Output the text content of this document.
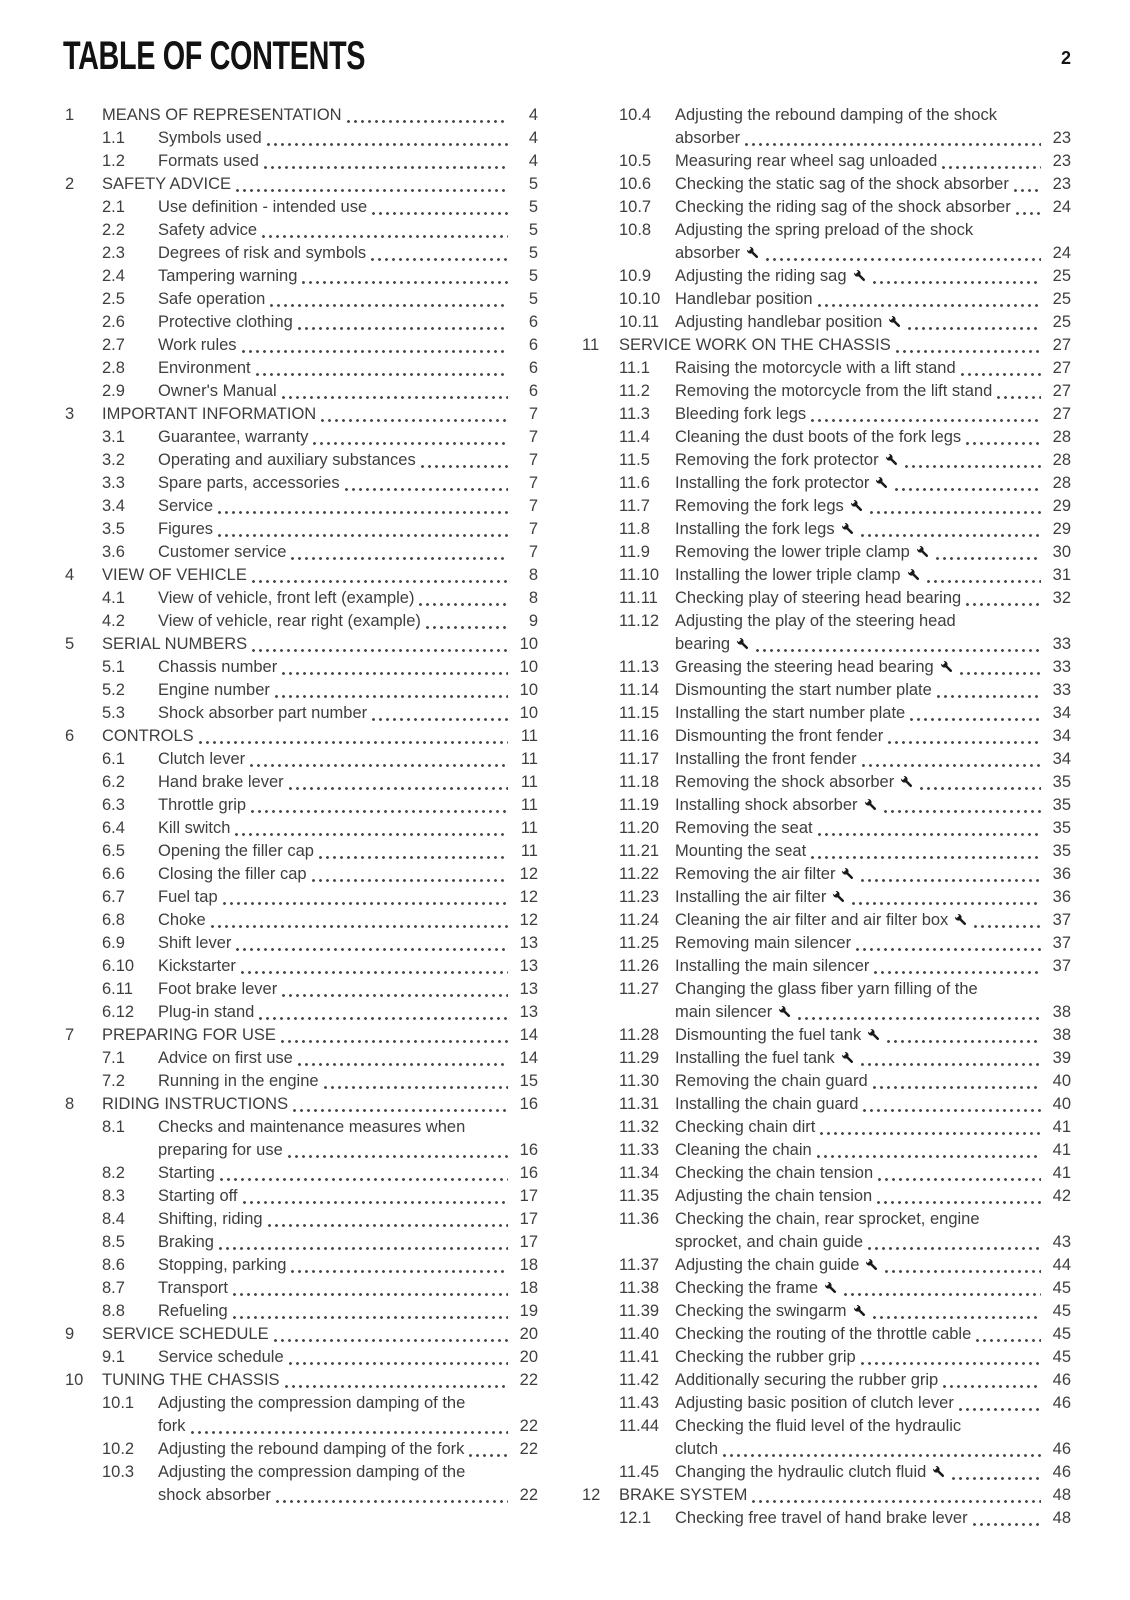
TABLE OF CONTENTS	2
1	MEANS OF REPRESENTATION	4
1.1	Symbols used	4
1.2	Formats used	4
2	SAFETY ADVICE	5
2.1	Use definition - intended use	5
2.2	Safety advice	5
2.3	Degrees of risk and symbols	5
2.4	Tampering warning	5
2.5	Safe operation	5
2.6	Protective clothing	6
2.7	Work rules	6
2.8	Environment	6
2.9	Owner's Manual	6
3	IMPORTANT INFORMATION	7
3.1	Guarantee, warranty	7
3.2	Operating and auxiliary substances	7
3.3	Spare parts, accessories	7
3.4	Service	7
3.5	Figures	7
3.6	Customer service	7
4	VIEW OF VEHICLE	8
4.1	View of vehicle, front left (example)	8
4.2	View of vehicle, rear right (example)	9
5	SERIAL NUMBERS	10
5.1	Chassis number	10
5.2	Engine number	10
5.3	Shock absorber part number	10
6	CONTROLS	11
6.1	Clutch lever	11
6.2	Hand brake lever	11
6.3	Throttle grip	11
6.4	Kill switch	11
6.5	Opening the filler cap	11
6.6	Closing the filler cap	12
6.7	Fuel tap	12
6.8	Choke	12
6.9	Shift lever	13
6.10	Kickstarter	13
6.11	Foot brake lever	13
6.12	Plug-in stand	13
7	PREPARING FOR USE	14
7.1	Advice on first use	14
7.2	Running in the engine	15
8	RIDING INSTRUCTIONS	16
8.1	Checks and maintenance measures when
preparing for use	16
8.2	Starting	16
8.3	Starting off	17
8.4	Shifting, riding	17
8.5	Braking	17
8.6	Stopping, parking	18
8.7	Transport	18
8.8	Refueling	19
9	SERVICE SCHEDULE	20
9.1	Service schedule	20
10	TUNING THE CHASSIS	22
10.1	Adjusting the compression damping of the
fork	22
10.2	Adjusting the rebound damping of the fork	22
10.3	Adjusting the compression damping of the
shock absorber	22
10.4	Adjusting the rebound damping of the shock
absorber	23
10.5	Measuring rear wheel sag unloaded	23
10.6	Checking the static sag of the shock absorber	23
10.7	Checking the riding sag of the shock absorber	24
10.8	Adjusting the spring preload of the shock
absorber	24
10.9	Adjusting the riding sag	25
10.10 Handlebar position	25
10.11 Adjusting handlebar position	25
11	SERVICE WORK ON THE CHASSIS	27
11.1	Raising the motorcycle with a lift stand	27
11.2	Removing the motorcycle from the lift stand	27
11.3	Bleeding fork legs	27
11.4	Cleaning the dust boots of the fork legs	28
11.5	Removing the fork protector	28
11.6	Installing the fork protector	28
11.7	Removing the fork legs	29
11.8	Installing the fork legs	29
11.9	Removing the lower triple clamp	30
11.10 Installing the lower triple clamp	31
11.11	Checking play of steering head bearing	32
11.12 Adjusting the play of the steering head
bearing	33
11.13 Greasing the steering head bearing	33
11.14 Dismounting the start number plate	33
11.15 Installing the start number plate	34
11.16 Dismounting the front fender	34
11.17 Installing the front fender	34
11.18 Removing the shock absorber	35
11.19 Installing shock absorber	35
11.20 Removing the seat	35
11.21 Mounting the seat	35
11.22 Removing the air filter	36
11.23 Installing the air filter	36
11.24 Cleaning the air filter and air filter box	37
11.25 Removing main silencer	37
11.26 Installing the main silencer	37
11.27 Changing the glass fiber yarn filling of the
main silencer	38
11.28 Dismounting the fuel tank	38
11.29 Installing the fuel tank	39
11.30 Removing the chain guard	40
11.31 Installing the chain guard	40
11.32 Checking chain dirt	41
11.33 Cleaning the chain	41
11.34 Checking the chain tension	41
11.35 Adjusting the chain tension	42
11.36 Checking the chain, rear sprocket, engine
sprocket, and chain guide	43
11.37 Adjusting the chain guide	44
11.38 Checking the frame	45
11.39 Checking the swingarm	45
11.40 Checking the routing of the throttle cable	45
11.41 Checking the rubber grip	45
11.42 Additionally securing the rubber grip	46
11.43 Adjusting basic position of clutch lever	46
11.44 Checking the fluid level of the hydraulic
clutch	46
11.45 Changing the hydraulic clutch fluid	46
12	BRAKE SYSTEM	48
12.1	Checking free travel of hand brake lever	48
